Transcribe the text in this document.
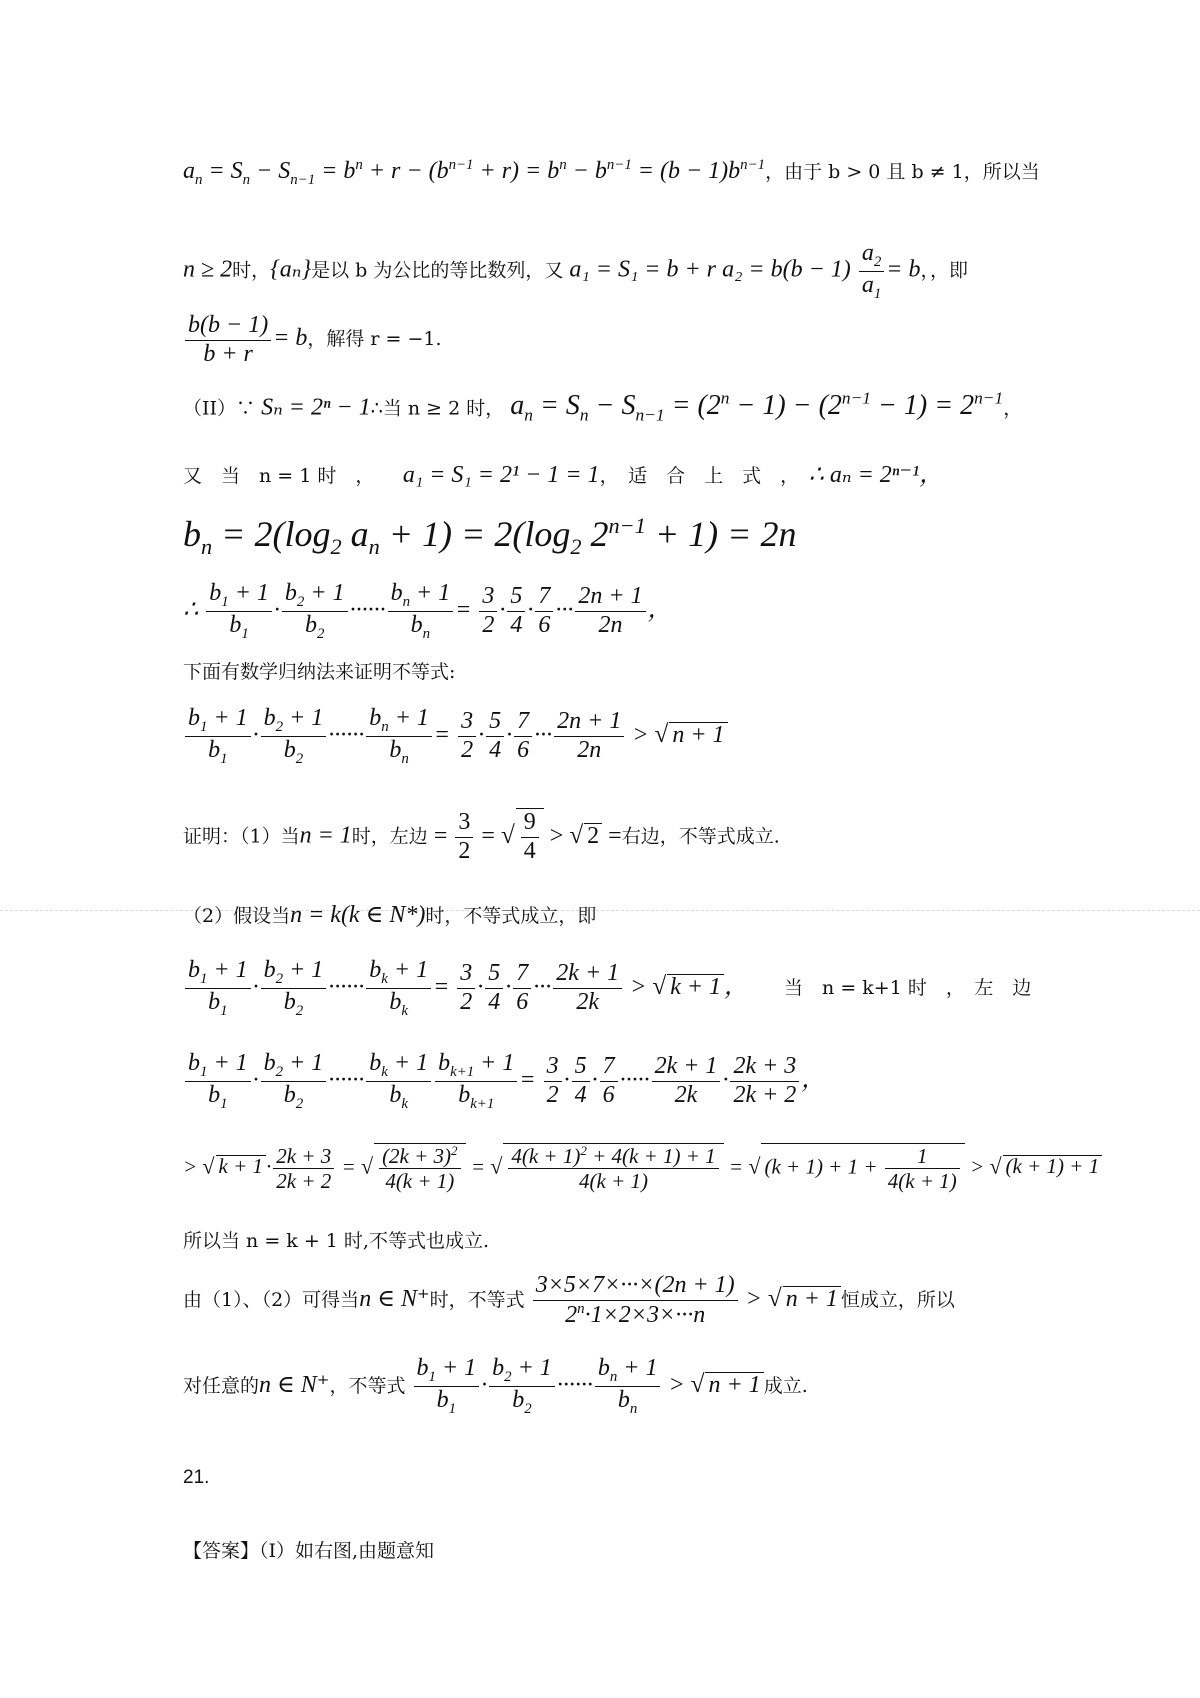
$a_n = S_n - S_{n-1} = b^n + r - (b^{n-1} + r) = b^n - b^{n-1} = (b - 1)b^{n-1}$，由于 b > 0 且 b ≠ 1，所以当
n ≥ 2时，{aₙ}是以 b 为公比的等比数列，又 a₁ = S₁ = b + r $a_2 = b(b - 1) \frac{a_2}{a_1} = b$，，即
$\frac{b(b - 1)}{b + r} = b$，解得 r = −1.
（II）∵ Sₙ = 2ⁿ − 1∴当 n ≥ 2 时， $a_n = S_n - S_{n-1} = (2^n - 1) - (2^{n-1} - 1) = 2^{n-1}$，
又　当　n = 1 时　，　　 a₁ = S₁ = 2¹ − 1 = 1，　适　合　上　式　，　 ∴ aₙ = 2ⁿ⁻¹，
$b_n = 2(\log_2$ $a_n + 1) = 2(\log_2$ $2^{n-1} + 1) = 2n$
∴ $\frac{b_1 + 1}{b_1} \cdot \frac{b_2 + 1}{b_2}$ ······ $\frac{b_n + 1}{b_n} = \frac{3}{2} \cdot \frac{5}{4} \cdot \frac{7}{6}$ ··· $\frac{2n + 1}{2n}$ ，
下面有数学归纳法来证明不等式:
$\frac{b_1 + 1}{b_1} \cdot \frac{b_2 + 1}{b_2}$ ······ $\frac{b_n + 1}{b_n} = \frac{3}{2} \cdot \frac{5}{4} \cdot \frac{7}{6}$ ··· $\frac{2n + 1}{2n}$ > √ n + 1
证明：（1）当n = 1时，左边 = $\frac{3}{2}$ = √ $\frac{9}{4}$ > √ 2 =右边，不等式成立.
（2）假设当n = k(k ∈ N*)时，不等式成立，即
$\frac{b_1 + 1}{b_1} \cdot \frac{b_2 + 1}{b_2}$ ······ $\frac{b_k + 1}{b_k} = \frac{3}{2} \cdot \frac{5}{4} \cdot \frac{7}{6}$ ··· $\frac{2k + 1}{2k}$ > √ k + 1 ， 当　n = k+1 时　，　左　边
$\frac{b_1 + 1}{b_1} \cdot \frac{b_2 + 1}{b_2}$ ······ $\frac{b_k + 1}{b_k} \frac{b_{k+1} + 1}{b_{k+1}} = \frac{3}{2} \cdot \frac{5}{4} \cdot \frac{7}{6}$ ····· $\frac{2k + 1}{2k} \cdot \frac{2k + 3}{2k + 2}$ ，
> √ $k + 1 \cdot \frac{2k + 3}{2k + 2}$ = √ $\frac{(2k + 3)^2}{4(k + 1)}$ = √ $\frac{4(k + 1)^2 + 4(k + 1) + 1}{4(k + 1)}$ = √ $(k + 1) + 1 + \frac{1}{4(k + 1)}$ > √ (k + 1) + 1
所以当 n = k + 1 时,不等式也成立.
由（1）、（2）可得当n ∈ N⁺时，不等式 $\frac{3\times 5\times 7\times\cdot\cdot\cdot\times(2n + 1)}{2^n\cdot 1\times 2\times 3\times\cdot\cdot\cdot n}$ > √ n + 1 恒成立，所以
对任意的n ∈ N⁺，不等式 $\frac{b_1 + 1}{b_1} \cdot \frac{b_2 + 1}{b_2}$ ······ $\frac{b_n + 1}{b_n}$ > √ n + 1 成立.
21.
【答案】（I）如右图,由题意知
